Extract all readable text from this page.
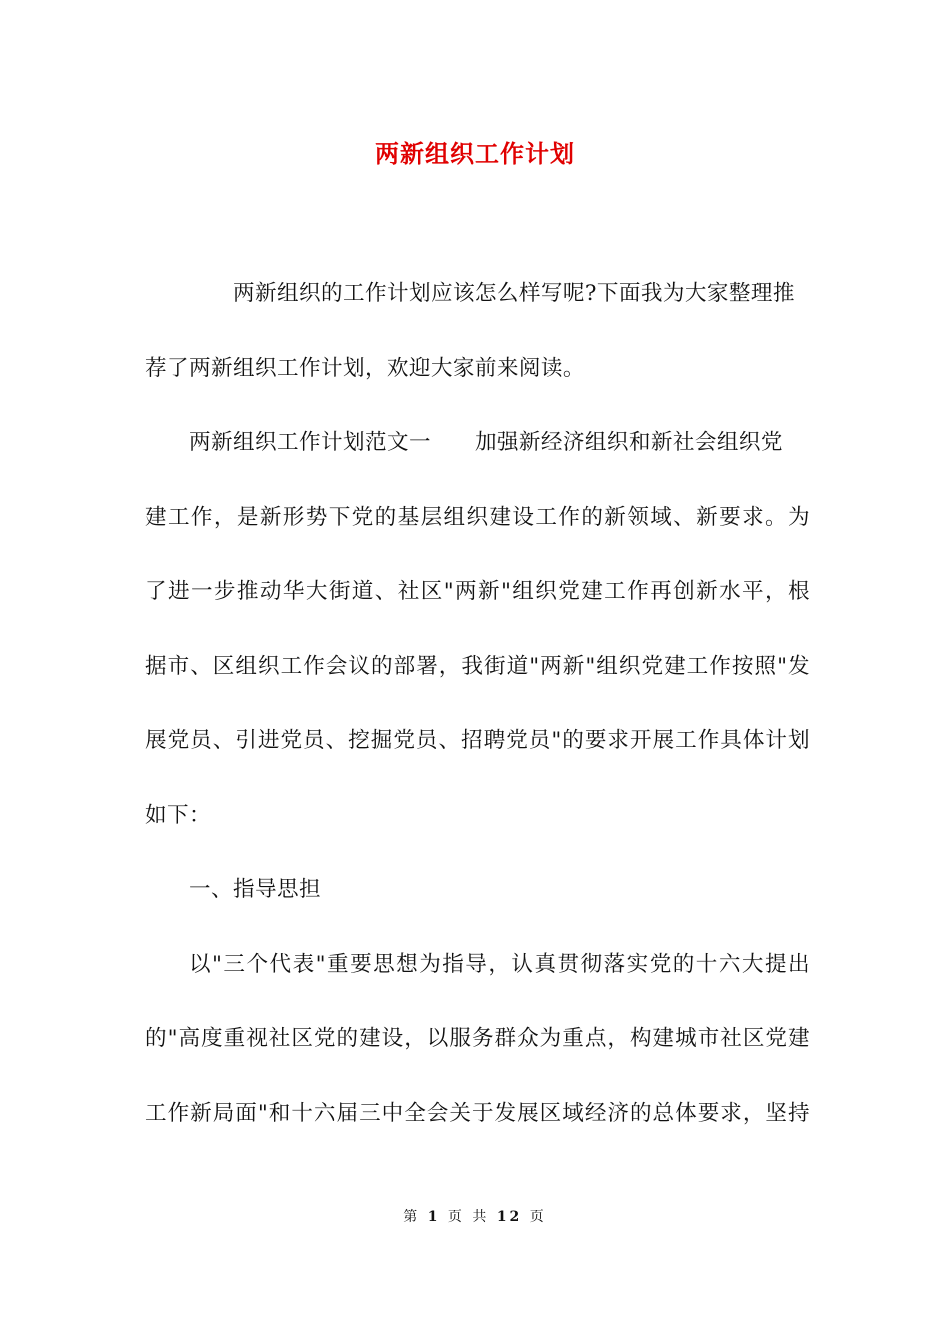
两新组织工作计划
两新组织的工作计划应该怎么样写呢?下面我为大家整理推
荐了两新组织工作计划，欢迎大家前来阅读。
两新组织工作计划范文一 加强新经济组织和新社会组织党
建工作，是新形势下党的基层组织建设工作的新领域、新要求。为
了进一步推动华大街道、社区"两新"组织党建工作再创新水平，根
据市、区组织工作会议的部署，我街道"两新"组织党建工作按照"发
展党员、引进党员、挖掘党员、招聘党员"的要求开展工作具体计划
如下：
一、指导思担
以"三个代表"重要思想为指导，认真贯彻落实党的十六大提出
的"高度重视社区党的建设，以服务群众为重点，构建城市社区党建
工作新局面"和十六届三中全会关于发展区域经济的总体要求，坚持
第 1 页 共 12 页
